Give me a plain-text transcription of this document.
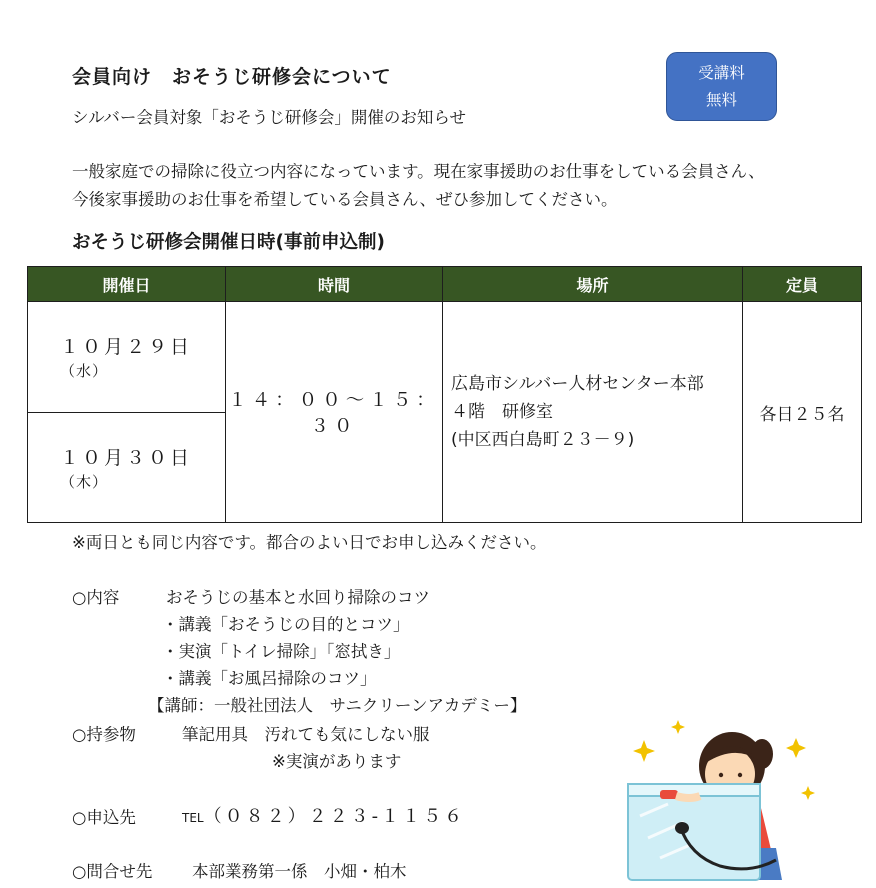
会員向け　おそうじ研修会について
シルバー会員対象「おそうじ研修会」開催のお知らせ
受講料
無料
一般家庭での掃除に役立つ内容になっています。現在家事援助のお仕事をしている会員さん、
今後家事援助のお仕事を希望している会員さん、ぜひ参加してください。
おそうじ研修会開催日時(事前申込制)
開催日	時間	場所	定員
１０月２９日（水）	１４：００～１５：３０	広島市シルバー人材センター本部
４階　研修室
(中区西白島町２３－９)	各日２５名
１０月３０日（木）			
※両日とも同じ内容です。都合のよい日でお申し込みください。
○内容	おそうじの基本と水回り掃除のコツ
・講義「おそうじの目的とコツ」
・実演「トイレ掃除」「窓拭き」
・講義「お風呂掃除のコツ」
【講師：一般社団法人　サニクリーンアカデミー】
○持参物	筆記用具　汚れても気にしない服
※実演があります
○申込先	TEL（０８２）２２３-１１５６
○問合せ先 本部業務第一係　小畑・柏木
